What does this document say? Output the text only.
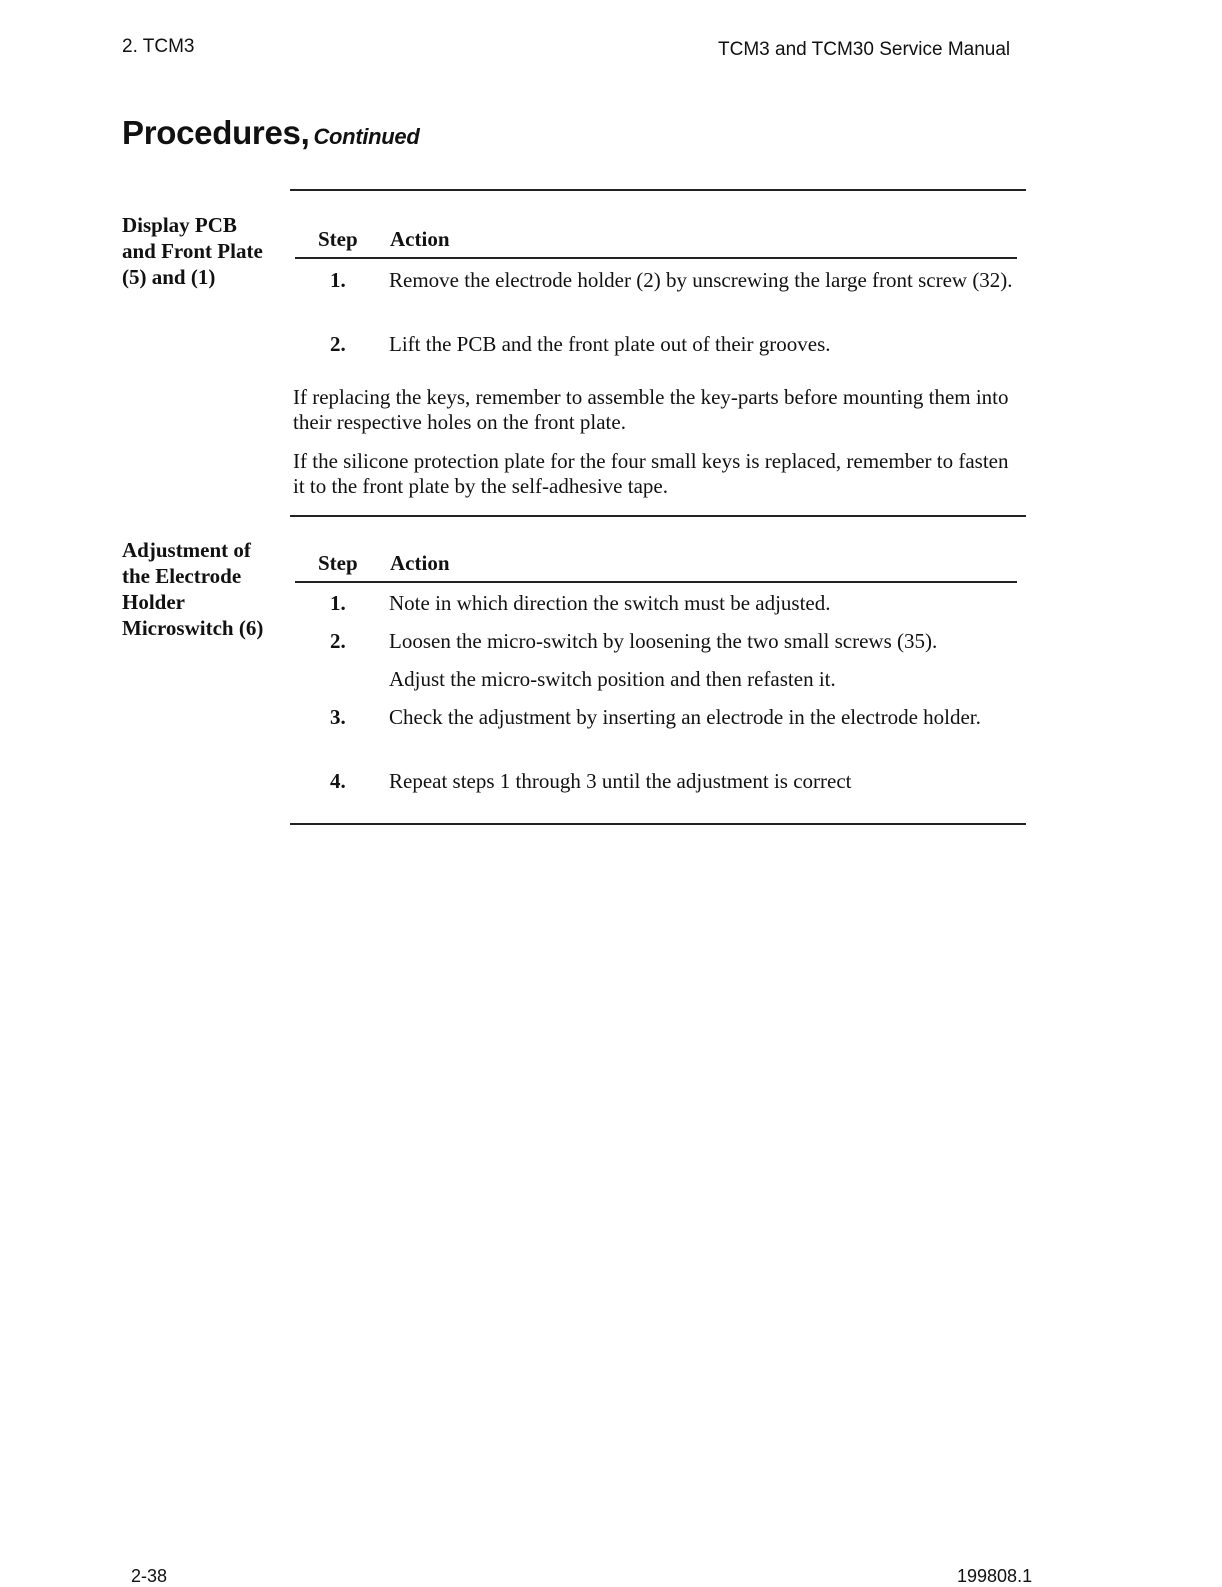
2. TCM3	TCM3 and TCM30 Service Manual
Procedures, Continued
Display PCB
and Front Plate
(5) and (1)
Step Action
1. Remove the electrode holder (2) by unscrewing the large front screw (32).
2. Lift the PCB and the front plate out of their grooves.
If replacing the keys, remember to assemble the key-parts before mounting them into their respective holes on the front plate.
If the silicone protection plate for the four small keys is replaced, remember to fasten it to the front plate by the self-adhesive tape.
Adjustment of
the Electrode
Holder
Microswitch (6)
Step Action
1. Note in which direction the switch must be adjusted.
2. Loosen the micro-switch by loosening the two small screws (35).
Adjust the micro-switch position and then refasten it.
3. Check the adjustment by inserting an electrode in the electrode holder.
4. Repeat steps 1 through 3 until the adjustment is correct
2-38	199808.1
